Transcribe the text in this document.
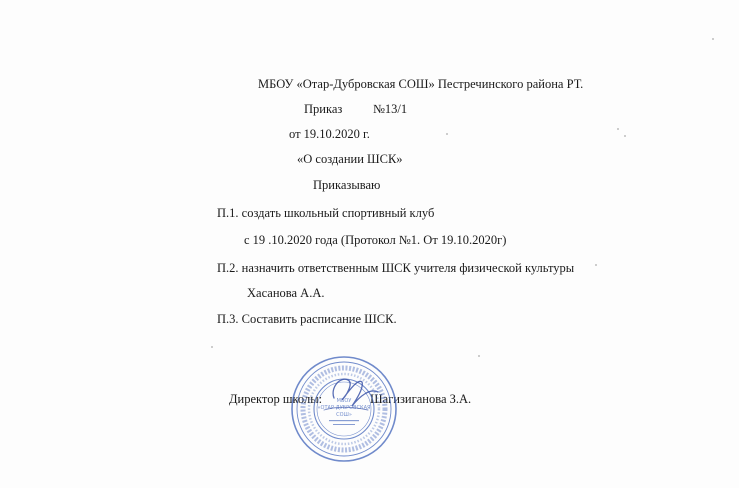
МБОУ «Отар-Дубровская СОШ» Пестречинского района РТ.
Приказ №13/1
от 19.10.2020 г.
«О создании ШСК»
Приказываю
П.1. создать школьный спортивный клуб
с 19 .10.2020 года (Протокол №1. От 19.10.2020г)
П.2. назначить ответственным ШСК учителя физической культуры
Хасанова А.А.
П.3. Составить расписание ШСК.
Директор школы:	Шагизиганова З.А.
МБОУ
«ОТАР-ДУБРОВСКАЯ
СОШ»
